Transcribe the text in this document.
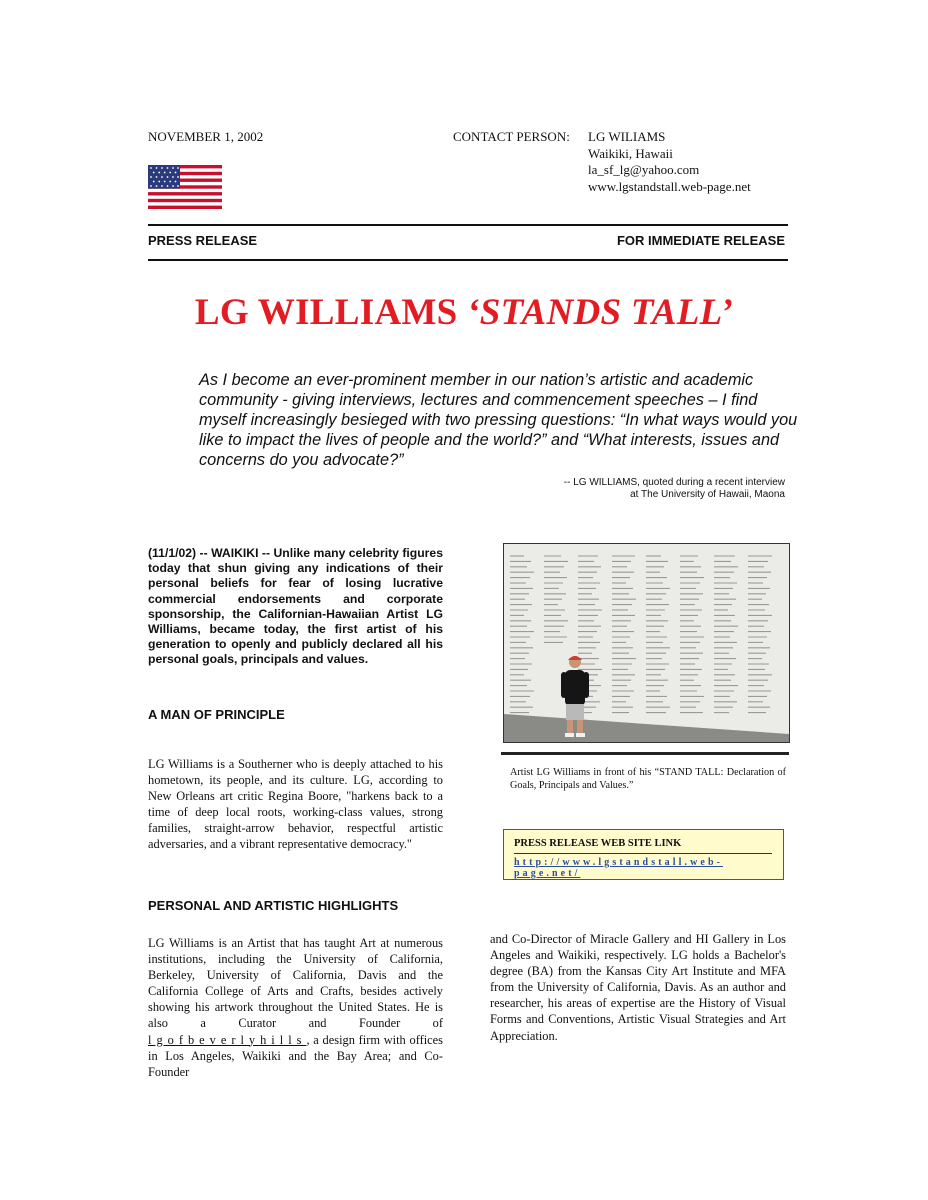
NOVEMBER 1, 2002	CONTACT PERSON: LG WILIAMS
Waikiki, Hawaii
la_sf_lg@yahoo.com
www.lgstandstall.web-page.net
PRESS RELEASE	FOR IMMEDIATE RELEASE
LG WILLIAMS ‘STANDS TALL’
As I become an ever-prominent member in our nation’s artistic and academic community - giving interviews, lectures and commencement speeches – I find myself increasingly besieged with two pressing questions: “In what ways would you like to impact the lives of people and the world?” and “What interests, issues and concerns do you advocate?”
-- LG WILLIAMS, quoted during a recent interview
at The University of Hawaii, Maona
(11/1/02) -- WAIKIKI -- Unlike many celebrity figures today that shun giving any indications of their personal beliefs for fear of losing lucrative commercial endorsements and corporate sponsorship, the Californian-Hawaiian Artist LG Williams, became today, the first artist of his generation to openly and publicly declared all his personal goals, principals and values.
A MAN OF PRINCIPLE
LG Williams is a Southerner who is deeply attached to his hometown, its people, and its culture. LG, according to New Orleans art critic Regina Boore, "harkens back to a time of deep local roots, working-class values, strong families, straight-arrow behavior, respectful artistic adversaries, and a vibrant representative democracy."
PERSONAL AND ARTISTIC HIGHLIGHTS
LG Williams is an Artist that has taught Art at numerous institutions, including the University of California, Berkeley, University of California, Davis and the California College of Arts and Crafts, besides actively showing his artwork throughout the United States. He is also a Curator and Founder of lgofbeverlyhills, a design firm with offices in Los Angeles, Waikiki and the Bay Area; and Co-Founder
and Co-Director of Miracle Gallery and HI Gallery in Los Angeles and Waikiki, respectively. LG holds a Bachelor's degree (BA) from the Kansas City Art Institute and MFA from the University of California, Davis. As an author and researcher, his areas of expertise are the History of Visual Forms and Conventions, Artistic Visual Strategies and Art Appreciation.
Artist LG Williams in front of his “STAND TALL: Declaration of Goals, Principals and Values.”
PRESS RELEASE WEB SITE LINK
http://www.lgstandstall.web-page.net/
